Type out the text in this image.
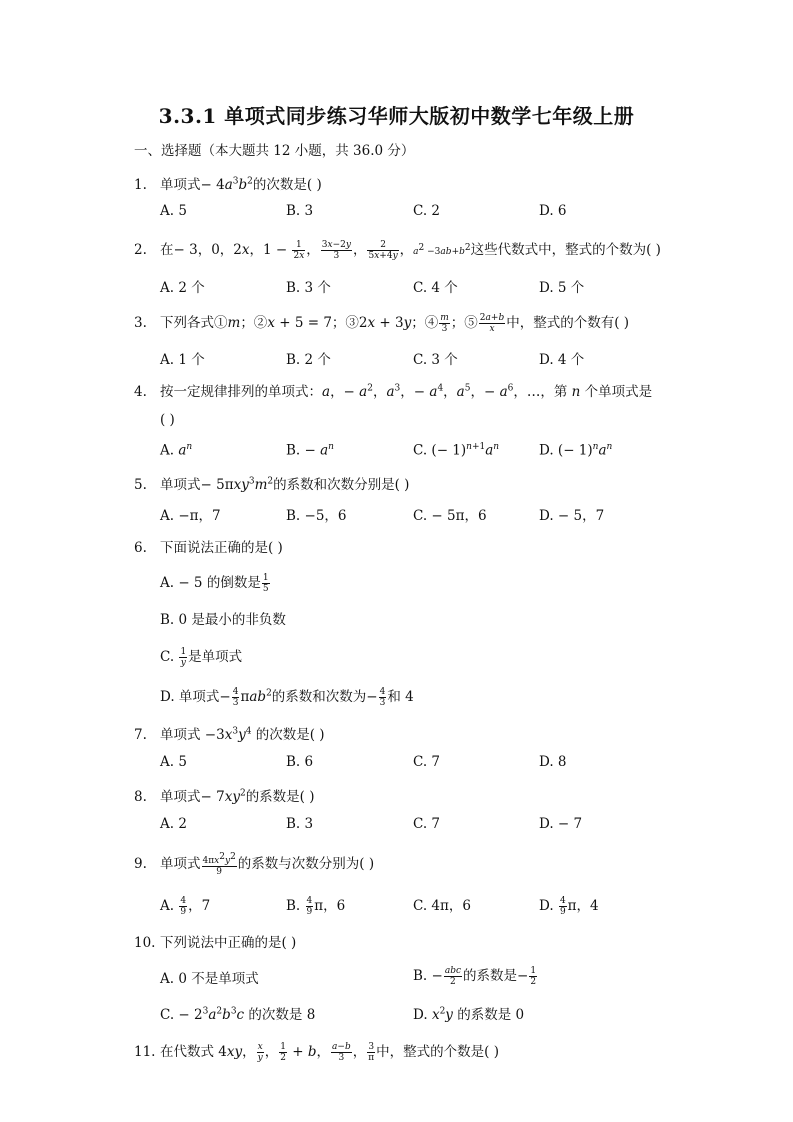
3.3.1 单项式同步练习华师大版初中数学七年级上册
一、选择题（本大题共 12 小题，共 36.0 分）
1. 单项式− $4a^3b^2$的次数是( )
A. 5	B. 3	C. 2	D. 6
2. 在− 3，0，2x，$1 - \frac{1}{2x}$ ， $\frac{3x-2y}{3}$ ， $\frac{2}{5x+4y}$ ，$a^2 -3ab+b^2$这些代数式中，整式的个数为( )
A. 2 个	B. 3 个	C. 4 个	D. 5 个
3. 下列各式①m；②x + 5 = 7；③2x + 3y；④ $\frac{m}{3}$ ；⑤ $\frac{2a+b}{x}$ 中，整式的个数有( )
A. 1 个	B. 2 个	C. 3 个	D. 4 个
4. 按一定规律排列的单项式：a，− $a^2$，$a^3$，− $a^4$，$a^5$，− $a^6$，…，第 n 个单项式是
( )
A. $a^n$	B. − $a^n$	C. (− $1)^{n+1}a^n$	D. (− $1)^na^n$
5. 单项式− $5\pi xy^3m^2$的系数和次数分别是( )
A. −π，7	B. −5，6	C. − 5π，6	D. − 5，7
6. 下面说法正确的是( )
A. − 5 的倒数是 $\frac{1}{5}$
B. 0 是最小的非负数
C. $\frac{1}{y}$ 是单项式
D. 单项式− $\frac{4}{3} \pi ab^2$的系数和次数为− $\frac{4}{3}$ 和 4
7. 单项式 $-3x^3y^4$ 的次数是( )
A. 5	B. 6	C. 7	D. 8
8. 单项式− $7xy^2$的系数是( )
A. 2	B. 3	C. 7	D. − 7
9. 单项式 $\frac{4\pi x^2y^2}{9}$ 的系数与次数分别为( )
A. $\frac{4}{9}$ ，7	B. $\frac{4}{9}$ π，6	C. 4π，6	D. $\frac{4}{9}$ π，4
10. 下列说法中正确的是( )
A. 0 不是单项式	B. − $\frac{\text{abc}}{2}$ 的系数是− $\frac{1}{2}$
C. − $2^3a^2b^3c$ 的次数是 8	D. $x^2y$ 的系数是 0
11. 在代数式 4xy， $\frac{x}{y}$ ， $\frac{1}{2} + b$， $\frac{a-b}{3}$ ， $\frac{3}{\pi}$ 中，整式的个数是( )
